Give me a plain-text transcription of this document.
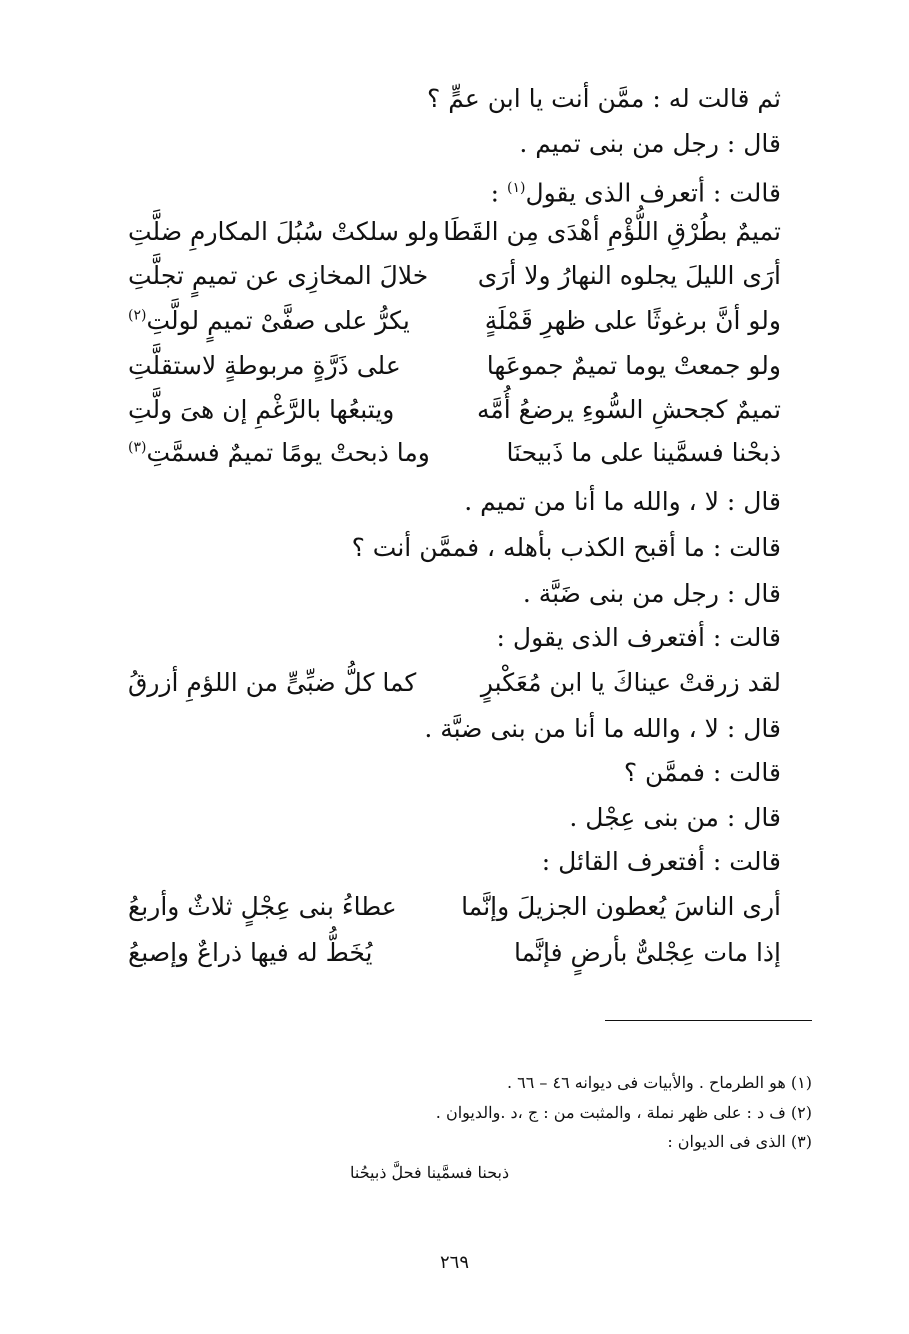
ثم قالت له : ممَّن أنت يا ابن عمٍّ ؟
قال : رجل من بنى تميم .
قالت : أتعرف الذى يقول$^{(١)}$ :
تميمٌ بطُرْقِ اللُّؤْمِ أهْدَى مِن القَطَا
ولو سلكتْ سُبُلَ المكارمِ ضلَّتِ
أرَى الليلَ يجلوه النهارُ ولا أرَى
خلالَ المخازِى عن تميمٍ تجلَّتِ
ولو أنَّ برغوثًا على ظهرِ قَمْلَةٍ
يكرُّ على صفَّىْ تميمٍ لولَّتِ$^{(٢)}$
ولو جمعتْ يوما تميمٌ جموعَها
على ذَرَّةٍ مربوطةٍ لاستقلَّتِ
تميمٌ كجحشِ السُّوءِ يرضعُ أُمَّه
ويتبعُها بالرَّغْمِ إن هىَ ولَّتِ
ذبحْنا فسمَّينا على ما ذَبيحنَا
وما ذبحتْ يومًا تميمٌ فسمَّتِ$^{(٣)}$
قال : لا ، والله ما أنا من تميم .
قالت : ما أقبح الكذب بأهله ، فممَّن أنت ؟
قال : رجل من بنى ضَبَّة .
قالت : أفتعرف الذى يقول :
لقد زرقتْ عيناكَ يا ابن مُعَكْبرٍ
كما كلُّ ضبِّىٍّ من اللؤمِ أزرقُ
قال : لا ، والله ما أنا من بنى ضبَّة .
قالت : فممَّن ؟
قال : من بنى عِجْل .
قالت : أفتعرف القائل :
أرى الناسَ يُعطون الجزيلَ وإنَّما
عطاءُ بنى عِجْلٍ ثلاثٌ وأربعُ
إذا مات عِجْلىٌّ بأرضٍ فإنَّما
يُخَطُّ له فيها ذراعٌ وإصبعُ
(١) هو الطرماح . والأبيات فى ديوانه ٤٦ – ٦٦ .
(٢) ف د : على ظهر نملة ، والمثبت من : ج ،د .والديوان .
(٣) الذى فى الديوان :
ذبحنا فسمَّينا فحلَّ ذبيحُنا
٢٦٩
